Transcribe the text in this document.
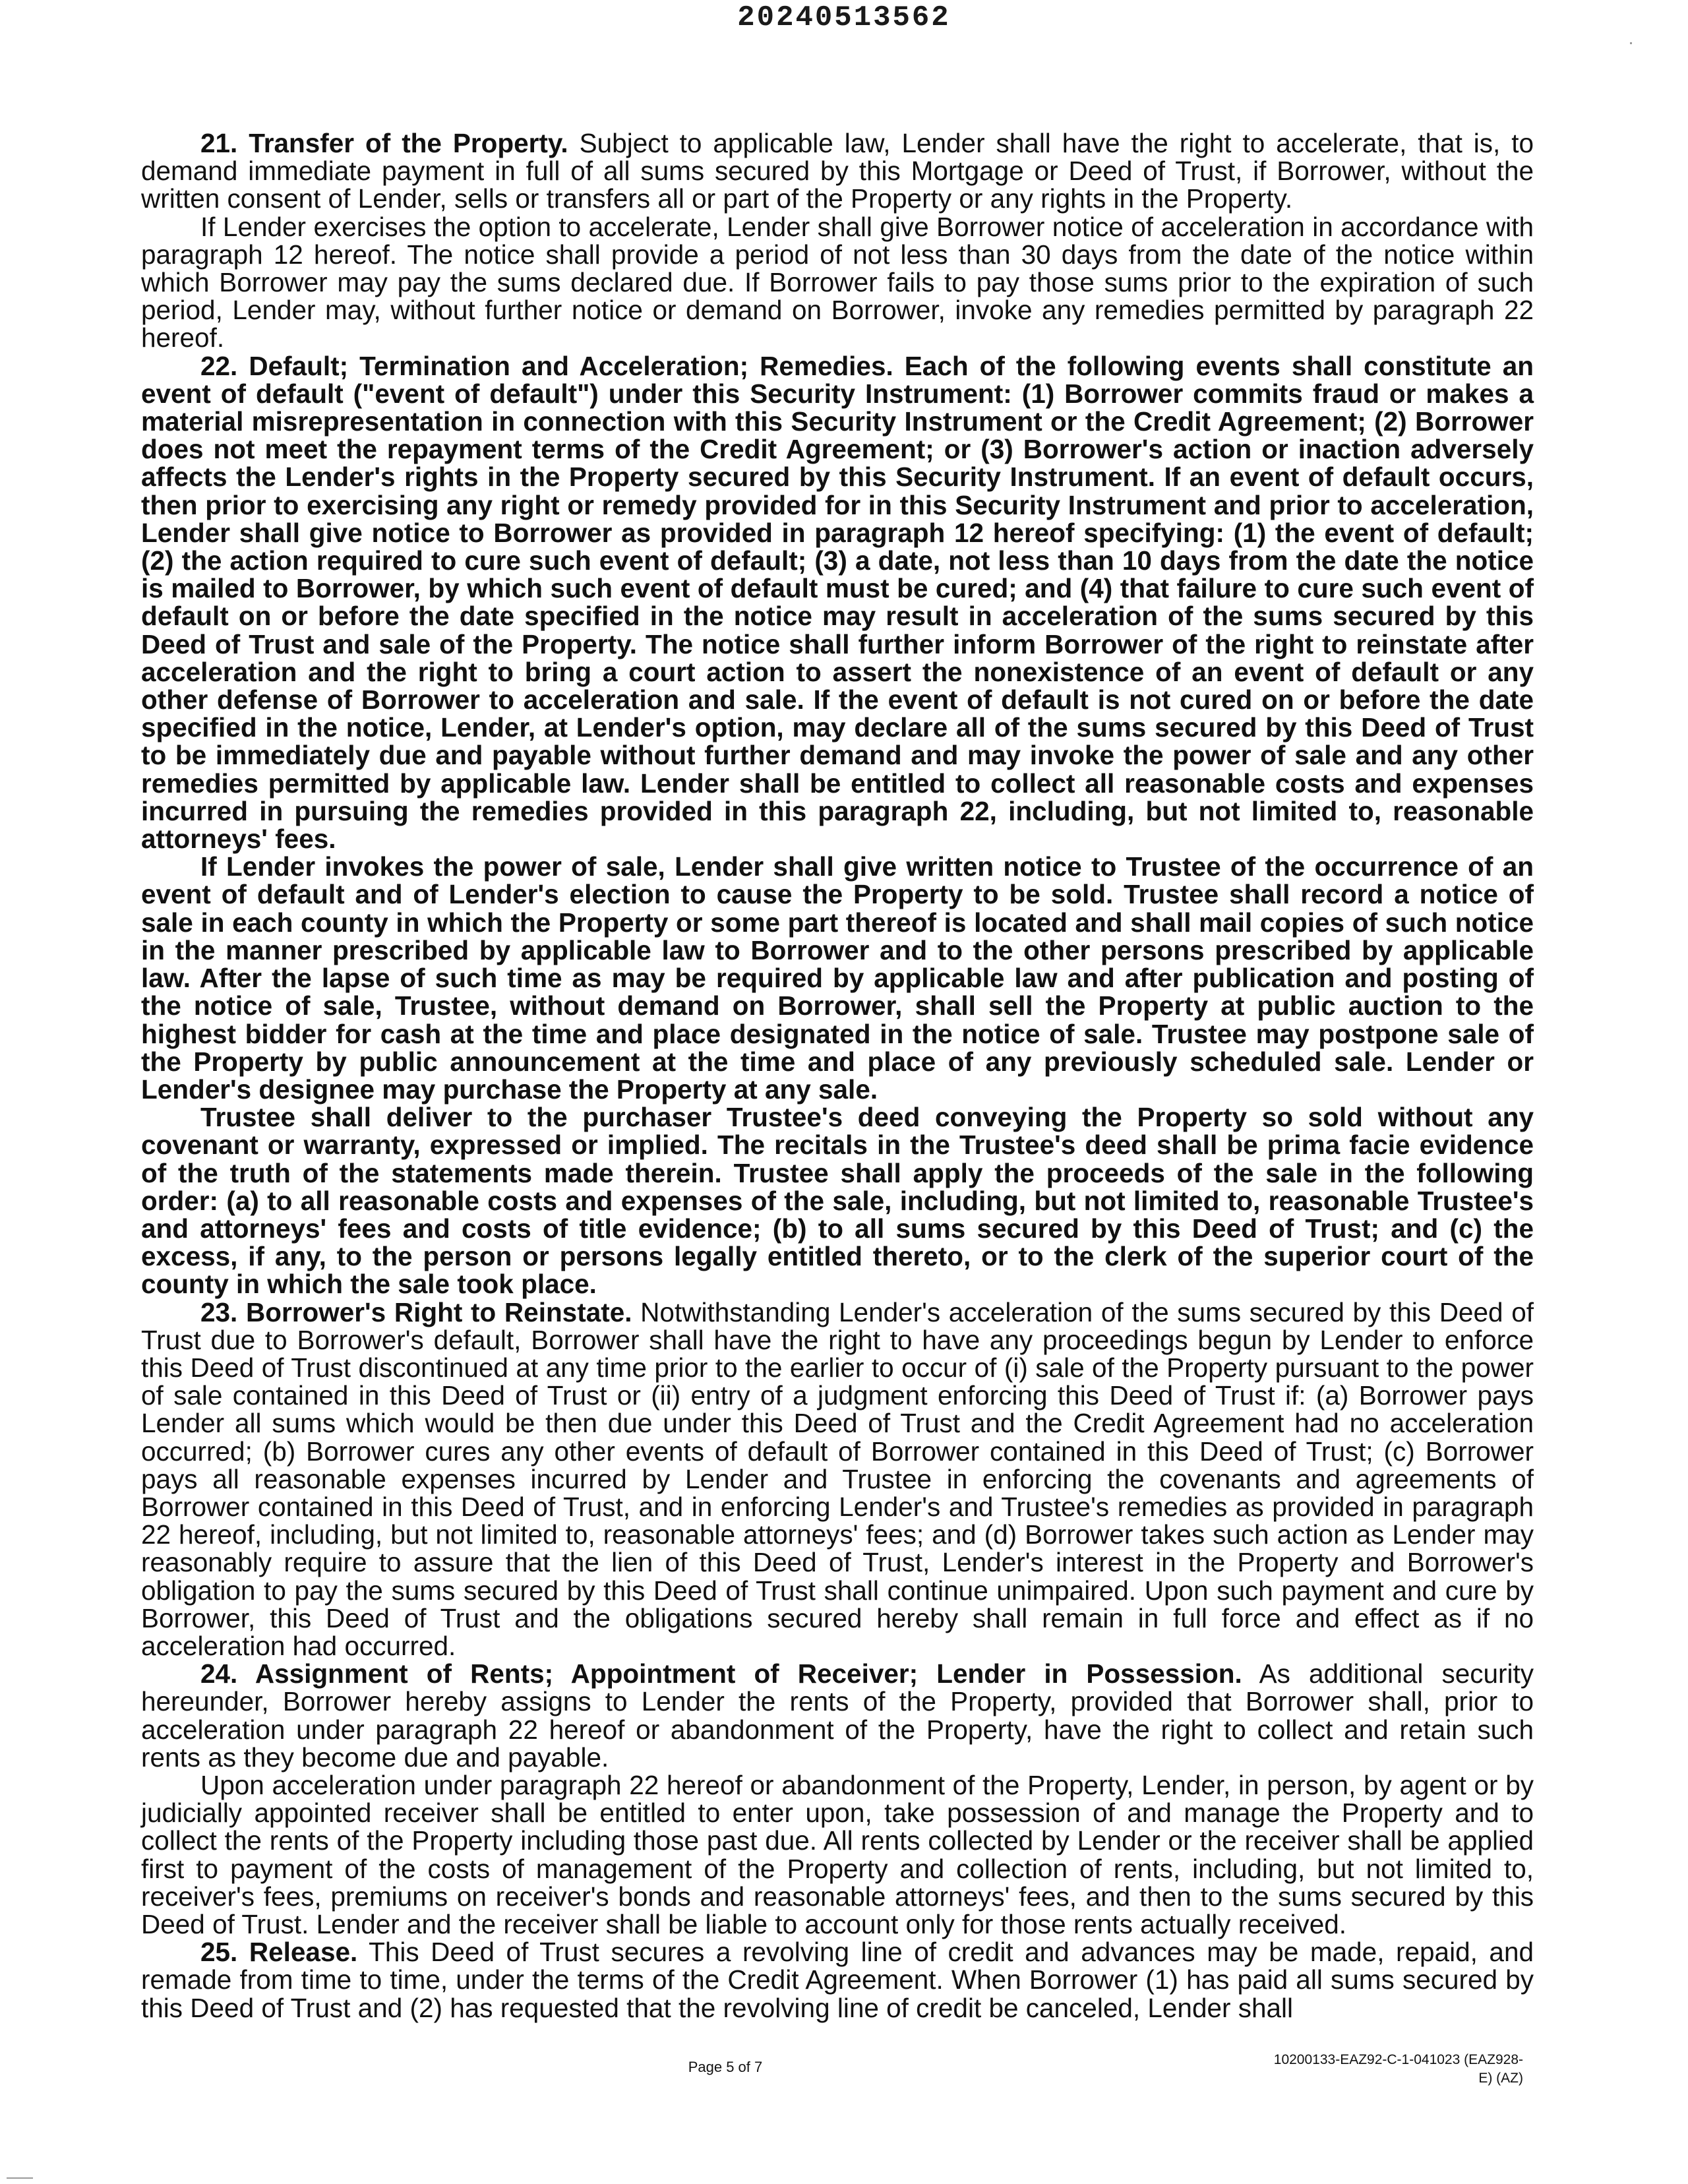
20240513562

21. Transfer of the Property. Subject to applicable law, Lender shall have the right to accelerate, that is, to demand immediate payment in full of all sums secured by this Mortgage or Deed of Trust, if Borrower, without the written consent of Lender, sells or transfers all or part of the Property or any rights in the Property.

If Lender exercises the option to accelerate, Lender shall give Borrower notice of acceleration in accordance with paragraph 12 hereof. The notice shall provide a period of not less than 30 days from the date of the notice within which Borrower may pay the sums declared due. If Borrower fails to pay those sums prior to the expiration of such period, Lender may, without further notice or demand on Borrower, invoke any remedies permitted by paragraph 22 hereof.

22. Default; Termination and Acceleration; Remedies. Each of the following events shall constitute an event of default ("event of default") under this Security Instrument: (1) Borrower commits fraud or makes a material misrepresentation in connection with this Security Instrument or the Credit Agreement; (2) Borrower does not meet the repayment terms of the Credit Agreement; or (3) Borrower's action or inaction adversely affects the Lender's rights in the Property secured by this Security Instrument. If an event of default occurs, then prior to exercising any right or remedy provided for in this Security Instrument and prior to acceleration, Lender shall give notice to Borrower as provided in paragraph 12 hereof specifying: (1) the event of default; (2) the action required to cure such event of default; (3) a date, not less than 10 days from the date the notice is mailed to Borrower, by which such event of default must be cured; and (4) that failure to cure such event of default on or before the date specified in the notice may result in acceleration of the sums secured by this Deed of Trust and sale of the Property. The notice shall further inform Borrower of the right to reinstate after acceleration and the right to bring a court action to assert the nonexistence of an event of default or any other defense of Borrower to acceleration and sale. If the event of default is not cured on or before the date specified in the notice, Lender, at Lender's option, may declare all of the sums secured by this Deed of Trust to be immediately due and payable without further demand and may invoke the power of sale and any other remedies permitted by applicable law. Lender shall be entitled to collect all reasonable costs and expenses incurred in pursuing the remedies provided in this paragraph 22, including, but not limited to, reasonable attorneys' fees.

If Lender invokes the power of sale, Lender shall give written notice to Trustee of the occurrence of an event of default and of Lender's election to cause the Property to be sold. Trustee shall record a notice of sale in each county in which the Property or some part thereof is located and shall mail copies of such notice in the manner prescribed by applicable law to Borrower and to the other persons prescribed by applicable law. After the lapse of such time as may be required by applicable law and after publication and posting of the notice of sale, Trustee, without demand on Borrower, shall sell the Property at public auction to the highest bidder for cash at the time and place designated in the notice of sale. Trustee may postpone sale of the Property by public announcement at the time and place of any previously scheduled sale. Lender or Lender's designee may purchase the Property at any sale.

Trustee shall deliver to the purchaser Trustee's deed conveying the Property so sold without any covenant or warranty, expressed or implied. The recitals in the Trustee's deed shall be prima facie evidence of the truth of the statements made therein. Trustee shall apply the proceeds of the sale in the following order: (a) to all reasonable costs and expenses of the sale, including, but not limited to, reasonable Trustee's and attorneys' fees and costs of title evidence; (b) to all sums secured by this Deed of Trust; and (c) the excess, if any, to the person or persons legally entitled thereto, or to the clerk of the superior court of the county in which the sale took place.

23. Borrower's Right to Reinstate. Notwithstanding Lender's acceleration of the sums secured by this Deed of Trust due to Borrower's default, Borrower shall have the right to have any proceedings begun by Lender to enforce this Deed of Trust discontinued at any time prior to the earlier to occur of (i) sale of the Property pursuant to the power of sale contained in this Deed of Trust or (ii) entry of a judgment enforcing this Deed of Trust if: (a) Borrower pays Lender all sums which would be then due under this Deed of Trust and the Credit Agreement had no acceleration occurred; (b) Borrower cures any other events of default of Borrower contained in this Deed of Trust; (c) Borrower pays all reasonable expenses incurred by Lender and Trustee in enforcing the covenants and agreements of Borrower contained in this Deed of Trust, and in enforcing Lender's and Trustee's remedies as provided in paragraph 22 hereof, including, but not limited to, reasonable attorneys' fees; and (d) Borrower takes such action as Lender may reasonably require to assure that the lien of this Deed of Trust, Lender's interest in the Property and Borrower's obligation to pay the sums secured by this Deed of Trust shall continue unimpaired. Upon such payment and cure by Borrower, this Deed of Trust and the obligations secured hereby shall remain in full force and effect as if no acceleration had occurred.

24. Assignment of Rents; Appointment of Receiver; Lender in Possession. As additional security hereunder, Borrower hereby assigns to Lender the rents of the Property, provided that Borrower shall, prior to acceleration under paragraph 22 hereof or abandonment of the Property, have the right to collect and retain such rents as they become due and payable.

Upon acceleration under paragraph 22 hereof or abandonment of the Property, Lender, in person, by agent or by judicially appointed receiver shall be entitled to enter upon, take possession of and manage the Property and to collect the rents of the Property including those past due. All rents collected by Lender or the receiver shall be applied first to payment of the costs of management of the Property and collection of rents, including, but not limited to, receiver's fees, premiums on receiver's bonds and reasonable attorneys' fees, and then to the sums secured by this Deed of Trust. Lender and the receiver shall be liable to account only for those rents actually received.

25. Release. This Deed of Trust secures a revolving line of credit and advances may be made, repaid, and remade from time to time, under the terms of the Credit Agreement. When Borrower (1) has paid all sums secured by this Deed of Trust and (2) has requested that the revolving line of credit be canceled, Lender shall

Page 5 of 7	10200133-EAZ92-C-1-041023 (EAZ928-
E) (AZ)
